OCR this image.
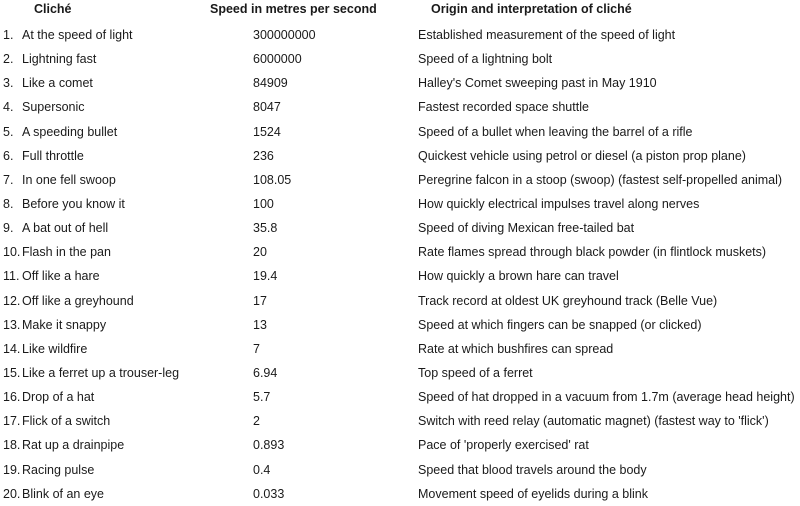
Cliché	Speed in metres per second	Origin and interpretation of cliché
1. At the speed of light	300000000	Established measurement of the speed of light
2. Lightning fast	6000000	Speed of a lightning bolt
3. Like a comet	84909	Halley's Comet sweeping past in May 1910
4. Supersonic	8047	Fastest recorded space shuttle
5. A speeding bullet	1524	Speed of a bullet when leaving the barrel of a rifle
6. Full throttle	236	Quickest vehicle using petrol or diesel (a piston prop plane)
7. In one fell swoop	108.05	Peregrine falcon in a stoop (swoop) (fastest self-propelled animal)
8. Before you know it	100	How quickly electrical impulses travel along nerves
9. A bat out of hell	35.8	Speed of diving Mexican free-tailed bat
10. Flash in the pan	20	Rate flames spread through black powder (in flintlock muskets)
11. Off like a hare	19.4	How quickly a brown hare can travel
12. Off like a greyhound	17	Track record at oldest UK greyhound track (Belle Vue)
13. Make it snappy	13	Speed at which fingers can be snapped (or clicked)
14. Like wildfire	7	Rate at which bushfires can spread
15. Like a ferret up a trouser-leg	6.94	Top speed of a ferret
16. Drop of a hat	5.7	Speed of hat dropped in a vacuum from 1.7m (average head height)
17. Flick of a switch	2	Switch with reed relay (automatic magnet) (fastest way to 'flick')
18. Rat up a drainpipe	0.893	Pace of 'properly exercised' rat
19. Racing pulse	0.4	Speed that blood travels around the body
20. Blink of an eye	0.033	Movement speed of eyelids during a blink
